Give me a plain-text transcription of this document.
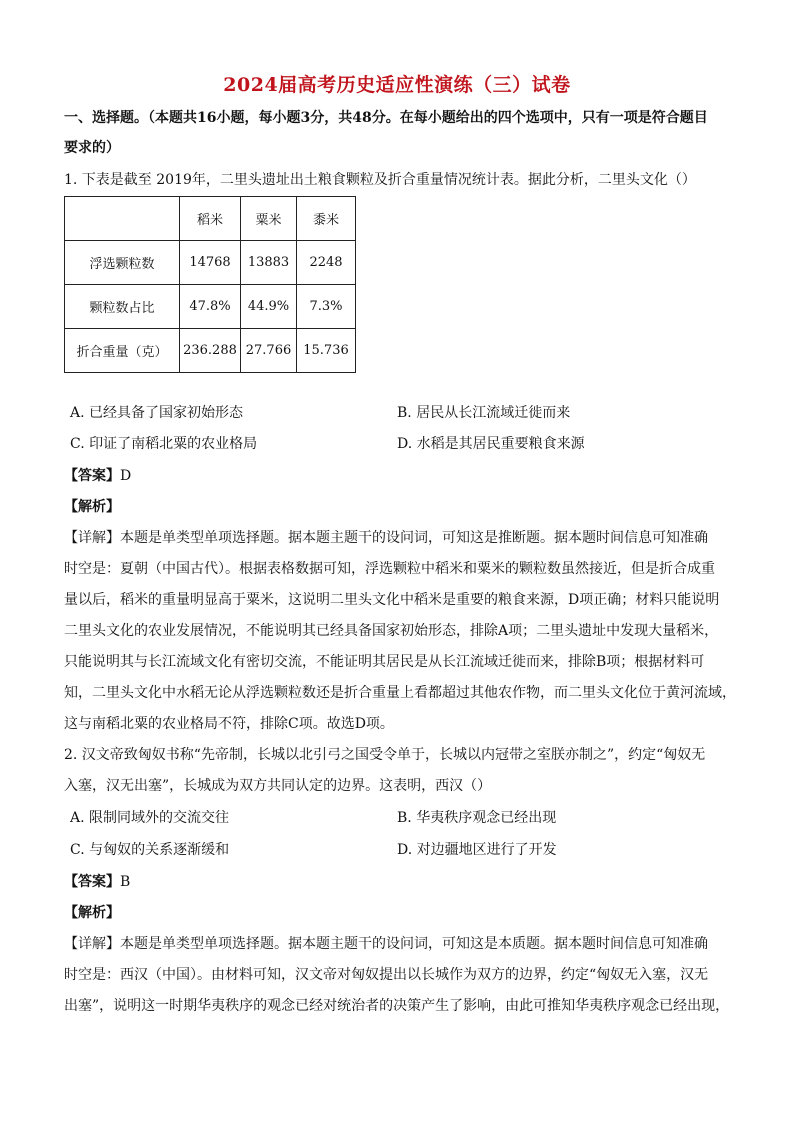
2024届高考历史适应性演练（三）试卷
一、选择题。（本题共16小题，每小题3分，共48分。在每小题给出的四个选项中，只有一项是符合题目
要求的）
1. 下表是截至 2019年，二里头遗址出土粮食颗粒及折合重量情况统计表。据此分析，二里头文化（）
	稻米	粟米	黍米
浮选颗粒数	14768	13883	2248
颗粒数占比	47.8%	44.9%	7.3%
折合重量（克）	236.288	27.766	15.736
A. 已经具备了国家初始形态	B. 居民从长江流域迁徙而来
C. 印证了南稻北粟的农业格局	D. 水稻是其居民重要粮食来源
【答案】D
【解析】
【详解】本题是单类型单项选择题。据本题主题干的设问词，可知这是推断题。据本题时间信息可知准确
时空是：夏朝（中国古代）。根据表格数据可知，浮选颗粒中稻米和粟米的颗粒数虽然接近，但是折合成重
量以后，稻米的重量明显高于粟米，这说明二里头文化中稻米是重要的粮食来源，D项正确；材料只能说明
二里头文化的农业发展情况，不能说明其已经具备国家初始形态，排除A项；二里头遗址中发现大量稻米，
只能说明其与长江流域文化有密切交流，不能证明其居民是从长江流域迁徙而来，排除B项；根据材料可
知，二里头文化中水稻无论从浮选颗粒数还是折合重量上看都超过其他农作物，而二里头文化位于黄河流域，
这与南稻北粟的农业格局不符，排除C项。故选D项。
2. 汉文帝致匈奴书称“先帝制，长城以北引弓之国受令单于，长城以内冠带之室朕亦制之”，约定“匈奴无
入塞，汉无出塞”，长城成为双方共同认定的边界。这表明，西汉（）
A. 限制同域外的交流交往	B. 华夷秩序观念已经出现
C. 与匈奴的关系逐渐缓和	D. 对边疆地区进行了开发
【答案】B
【解析】
【详解】本题是单类型单项选择题。据本题主题干的设问词，可知这是本质题。据本题时间信息可知准确
时空是：西汉（中国）。由材料可知，汉文帝对匈奴提出以长城作为双方的边界，约定“匈奴无入塞，汉无
出塞”，说明这一时期华夷秩序的观念已经对统治者的决策产生了影响，由此可推知华夷秩序观念已经出现，
